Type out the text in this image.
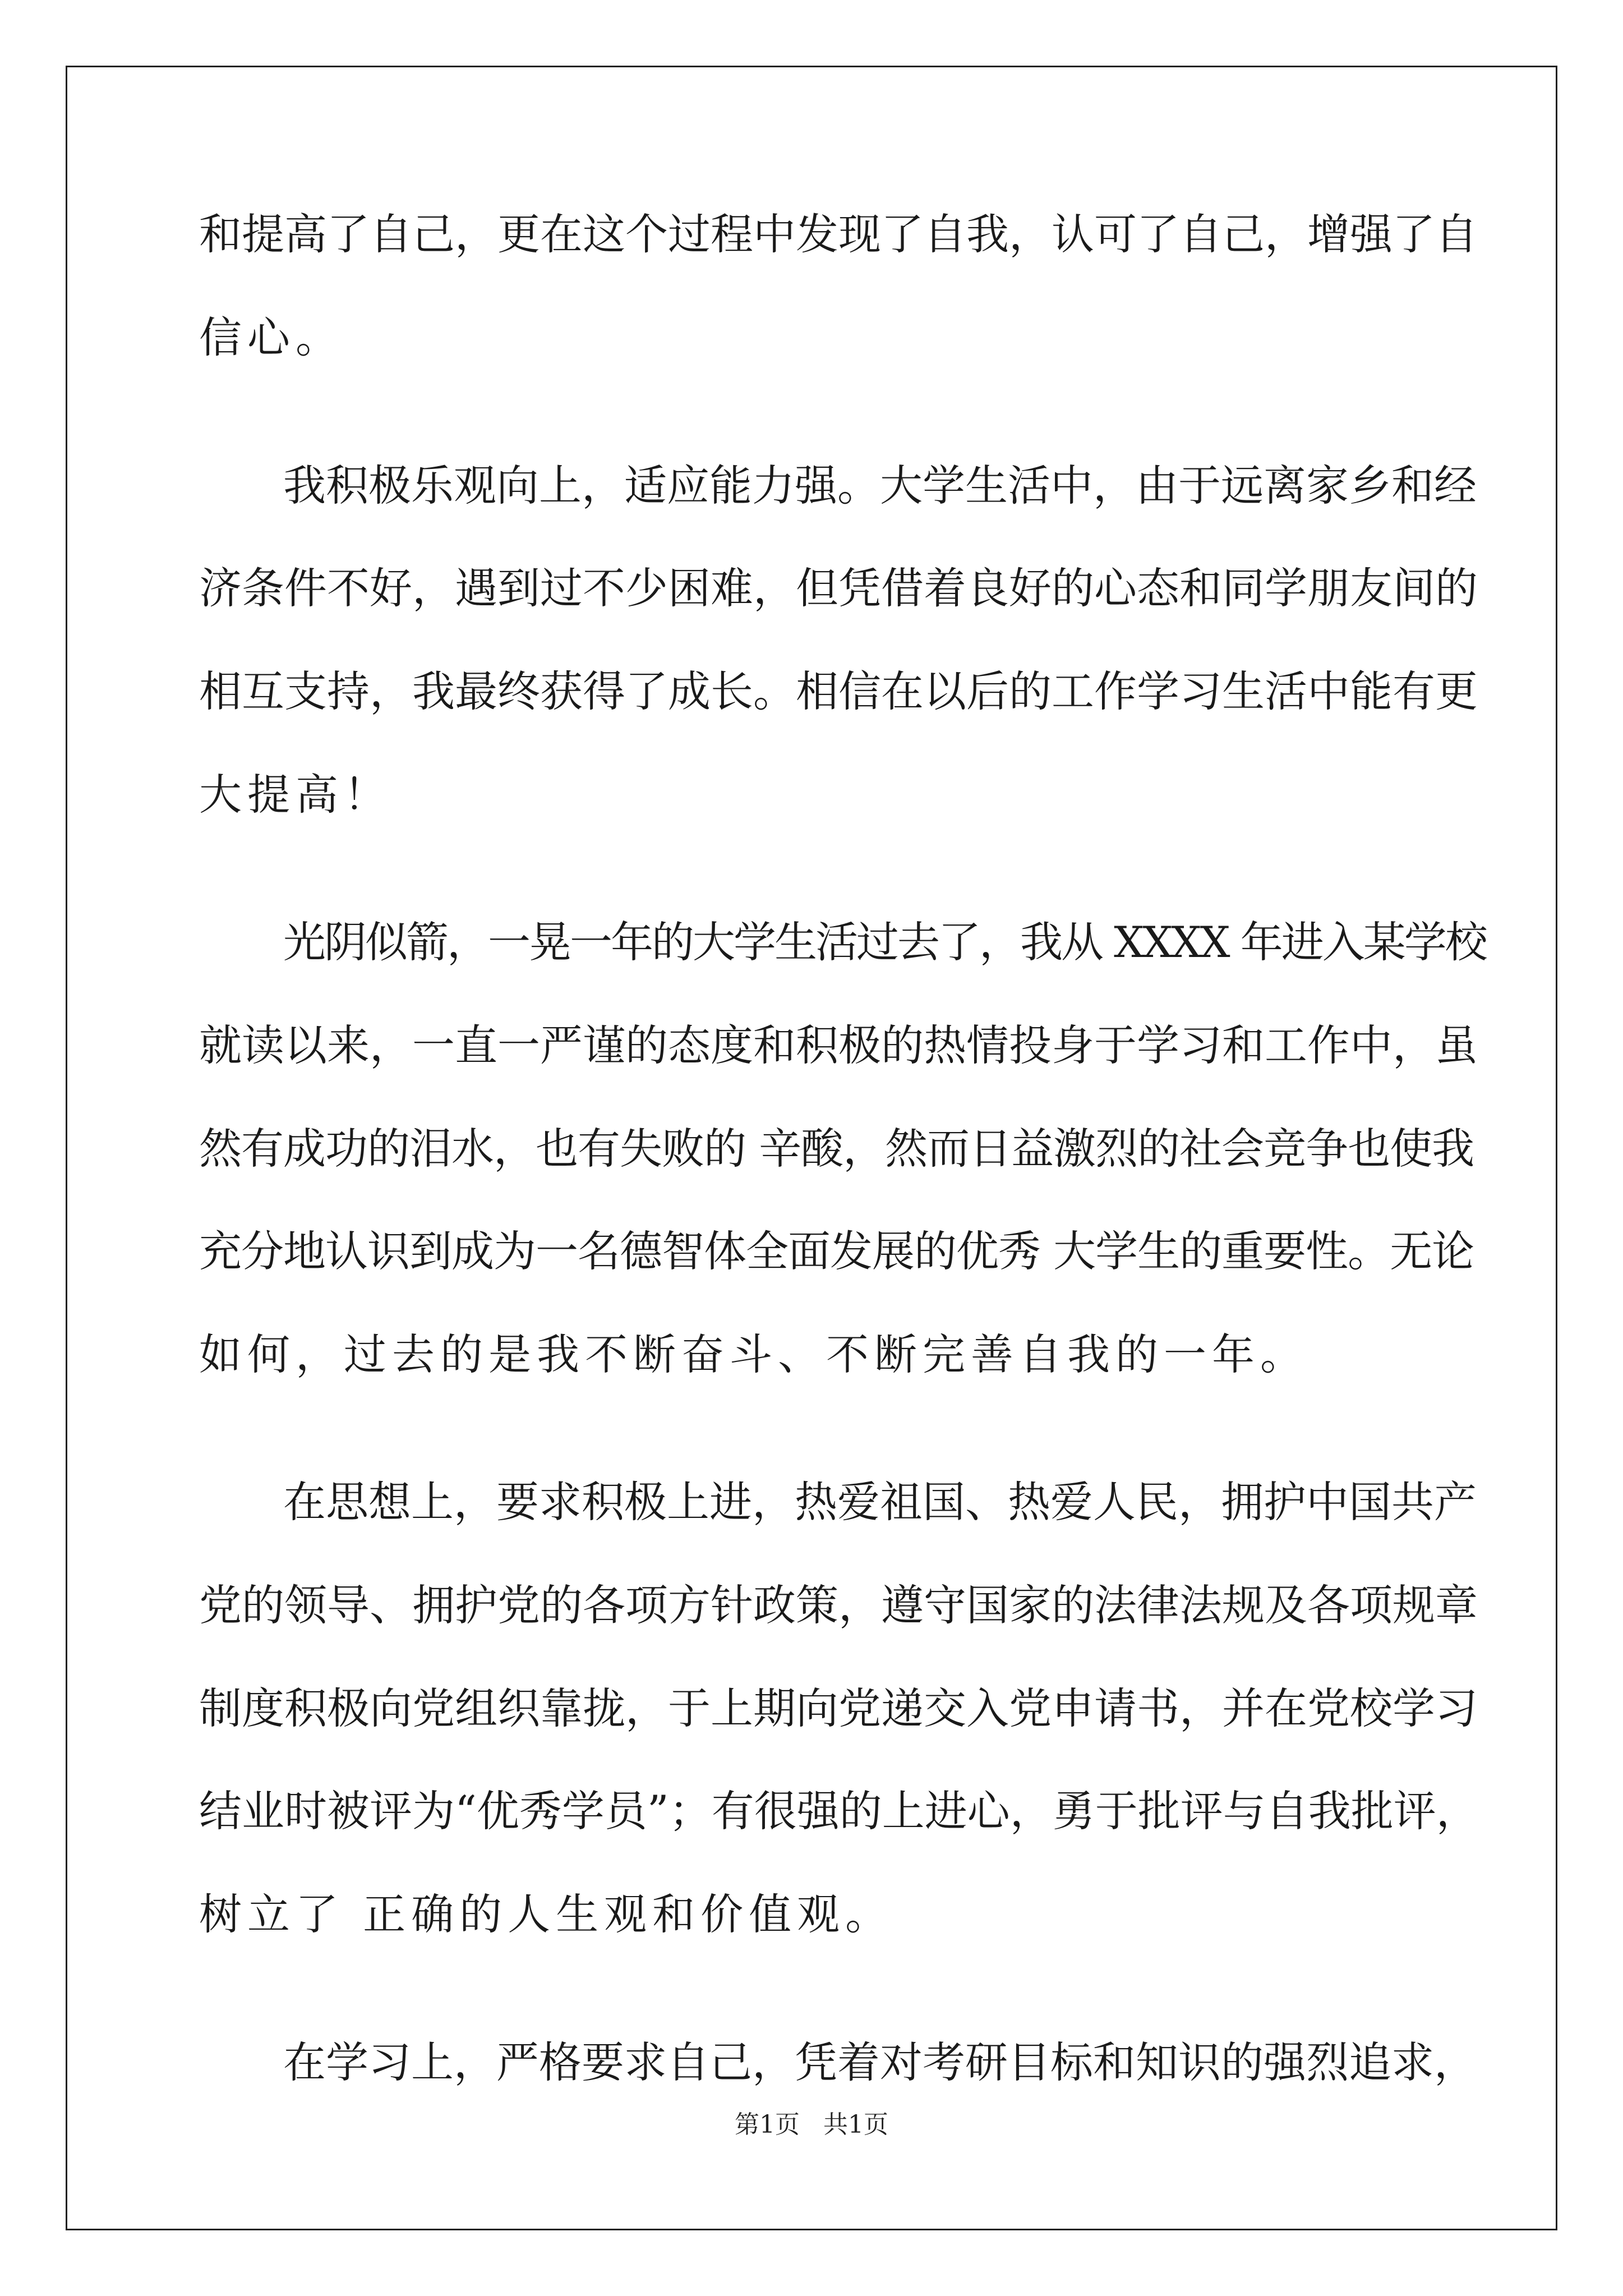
和提高了自己，更在这个过程中发现了自我，认可了自己，增强了自
信心。
我积极乐观向上，适应能力强。大学生活中，由于远离家乡和经
济条件不好，遇到过不少困难，但凭借着良好的心态和同学朋友间的
相互支持，我最终获得了成长。相信在以后的工作学习生活中能有更
大提高！
光阴似箭，一晃一年的大学生活过去了，我从 XXXX 年进入某学校
就读以来，一直一严谨的态度和积极的热情投身于学习和工作中，虽
然有成功的泪水，也有失败的 辛酸，然而日益激烈的社会竞争也使我
充分地认识到成为一名德智体全面发展的优秀 大学生的重要性。无论
如何，过去的是我不断奋斗、不断完善自我的一年。
在思想上，要求积极上进，热爱祖国、热爱人民，拥护中国共产
党的领导、拥护党的各项方针政策，遵守国家的法律法规及各项规章
制度积极向党组织靠拢，于上期向党递交入党申请书，并在党校学习
结业时被评为“优秀学员”；有很强的上进心，勇于批评与自我批评，
树立了 正确的人生观和价值观。
在学习上，严格要求自己，凭着对考研目标和知识的强烈追求，
第1页   共1页
